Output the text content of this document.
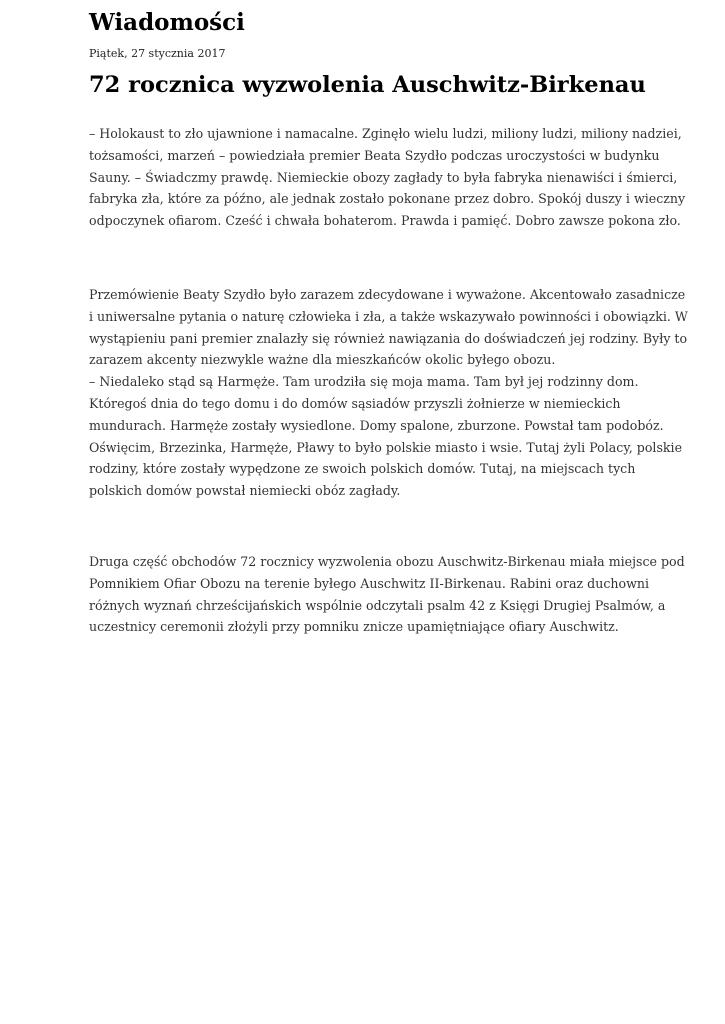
Wiadomości
Piątek, 27 stycznia 2017
72 rocznica wyzwolenia Auschwitz-Birkenau

– Holokaust to zło ujawnione i namacalne. Zginęło wielu ludzi, miliony ludzi, miliony nadziei,
tożsamości, marzeń – powiedziała premier Beata Szydło podczas uroczystości w budynku
Sauny. – Świadczmy prawdę. Niemieckie obozy zagłady to była fabryka nienawiści i śmierci,
fabryka zła, które za późno, ale jednak zostało pokonane przez dobro. Spokój duszy i wieczny
odpoczynek ofiarom. Cześć i chwała bohaterom. Prawda i pamięć. Dobro zawsze pokona zło.

Przemówienie Beaty Szydło było zarazem zdecydowane i wyważone. Akcentowało zasadnicze
i uniwersalne pytania o naturę człowieka i zła, a także wskazywało powinności i obowiązki. W
wystąpieniu pani premier znalazły się również nawiązania do doświadczeń jej rodziny. Były to
zarazem akcenty niezwykle ważne dla mieszkańców okolic byłego obozu.
– Niedaleko stąd są Harmęże. Tam urodziła się moja mama. Tam był jej rodzinny dom.
Któregoś dnia do tego domu i do domów sąsiadów przyszli żołnierze w niemieckich
mundurach. Harmęże zostały wysiedlone. Domy spalone, zburzone. Powstał tam podobóz.
Oświęcim, Brzezinka, Harmęże, Pławy to było polskie miasto i wsie. Tutaj żyli Polacy, polskie
rodziny, które zostały wypędzone ze swoich polskich domów. Tutaj, na miejscach tych
polskich domów powstał niemiecki obóz zagłady.

Druga część obchodów 72 rocznicy wyzwolenia obozu Auschwitz-Birkenau miała miejsce pod
Pomnikiem Ofiar Obozu na terenie byłego Auschwitz II-Birkenau. Rabini oraz duchowni
różnych wyznań chrześcijańskich wspólnie odczytali psalm 42 z Księgi Drugiej Psalmów, a
uczestnicy ceremonii złożyli przy pomniku znicze upamiętniające ofiary Auschwitz.
